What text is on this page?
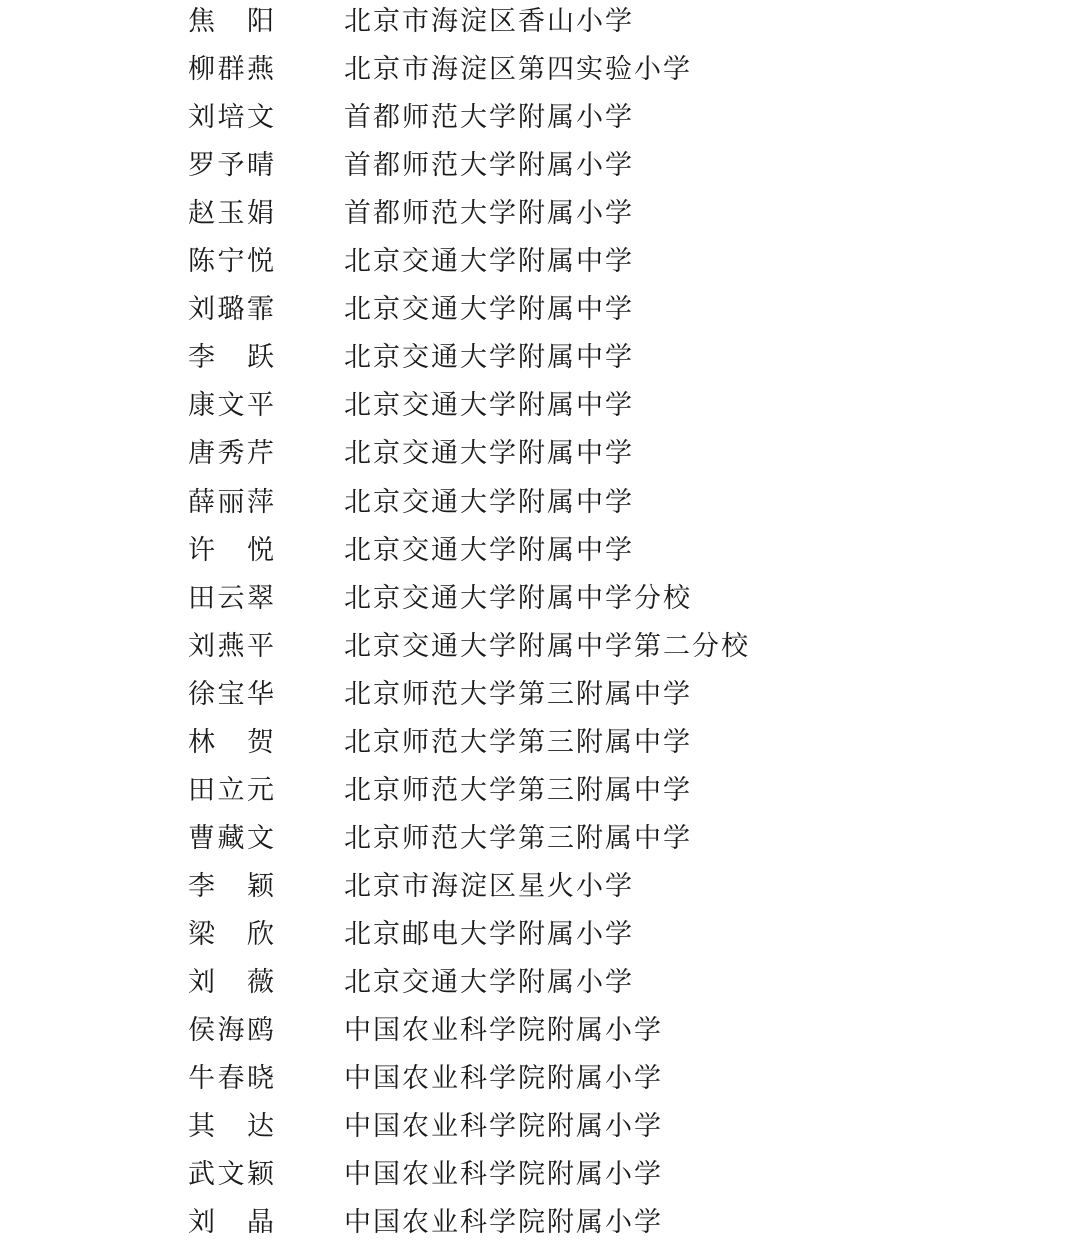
焦 阳	北京市海淀区香山小学
柳 群 燕	北京市海淀区第四实验小学
刘 培 文	首都师范大学附属小学
罗 予 晴	首都师范大学附属小学
赵 玉 娟	首都师范大学附属小学
陈 宁 悦	北京交通大学附属中学
刘 璐 霏	北京交通大学附属中学
李 跃	北京交通大学附属中学
康 文 平	北京交通大学附属中学
唐 秀 芹	北京交通大学附属中学
薛 丽 萍	北京交通大学附属中学
许 悦	北京交通大学附属中学
田 云 翠	北京交通大学附属中学分校
刘 燕 平	北京交通大学附属中学第二分校
徐 宝 华	北京师范大学第三附属中学
林 贺	北京师范大学第三附属中学
田 立 元	北京师范大学第三附属中学
曹 藏 文	北京师范大学第三附属中学
李 颖	北京市海淀区星火小学
梁 欣	北京邮电大学附属小学
刘 薇	北京交通大学附属小学
侯 海 鸥	中国农业科学院附属小学
牛 春 晓	中国农业科学院附属小学
其 达	中国农业科学院附属小学
武 文 颖	中国农业科学院附属小学
刘 晶	中国农业科学院附属小学
